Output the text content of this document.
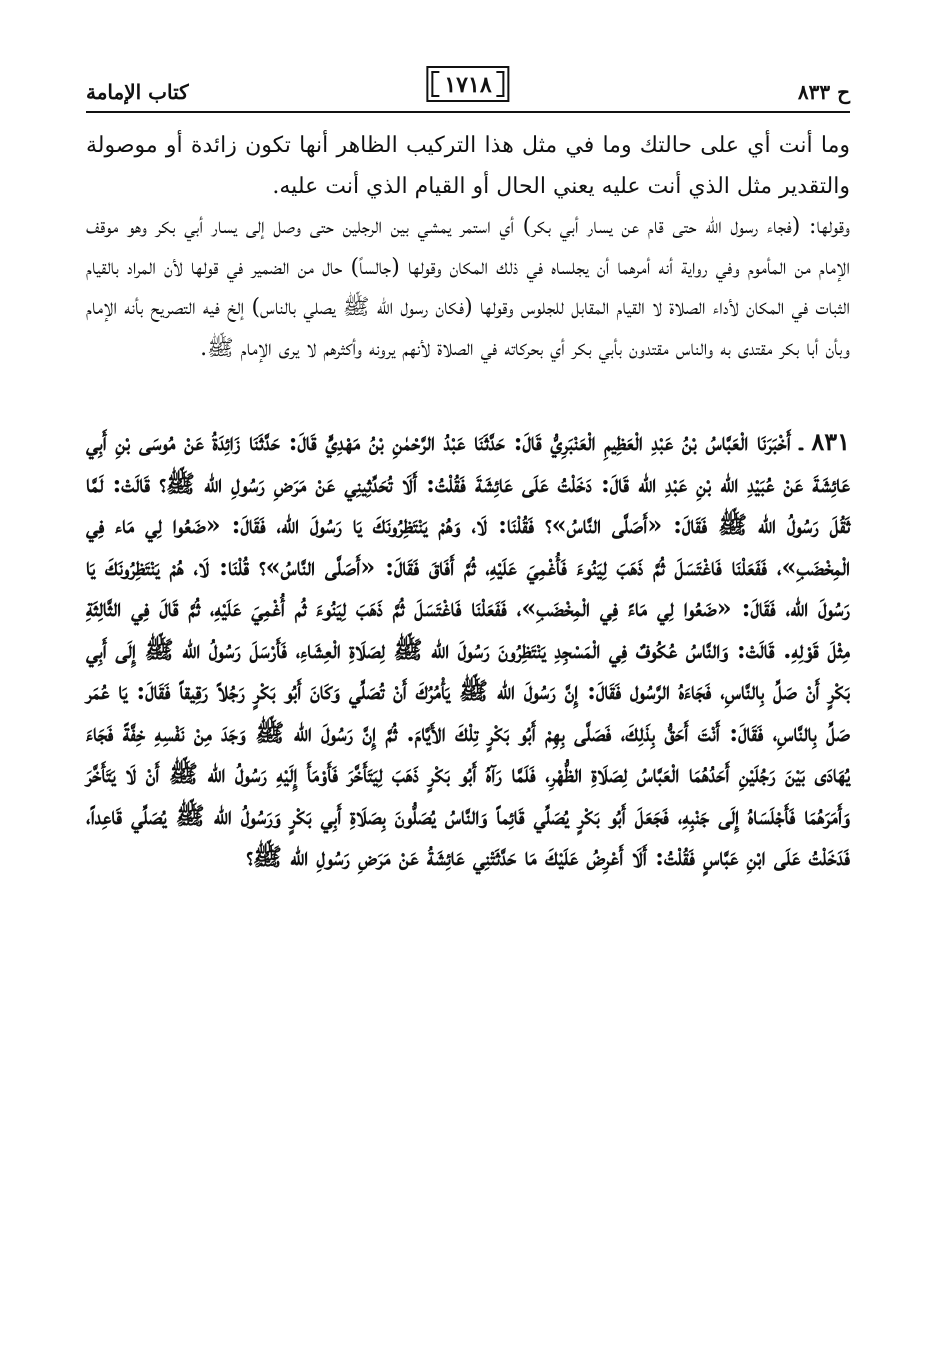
ح ٨٣٣
١٧١٨
كتاب الإمامة

وما أنت أي على حالتك وما في مثل هذا التركيب الظاهر أنها تكون زائدة أو موصولة والتقدير مثل الذي أنت عليه يعني الحال أو القيام الذي أنت عليه.

وقولها: (فجاء رسول الله حتى قام عن يسار أبي بكر) أي استمر يمشي بين الرجلين حتى وصل إلى يسار أبي بكر وهو موقف الإمام من المأموم وفي رواية أنه أمرهما أن يجلساه في ذلك المكان وقولها (جالساً) حال من الضمير في قولها لأن المراد بالقيام الثبات في المكان لأداء الصلاة لا القيام المقابل للجلوس وقولها (فكان رسول الله ﷺ يصلي بالناس) إلخ فيه التصريح بأنه الإمام وبأن أبا بكر مقتدى به والناس مقتدون بأبي بكر أي بحركاته في الصلاة لأنهم يرونه وأكثرهم لا يرى الإمام ﷺ.

٨٣١ ـ أَخْبَرَنَا الْعَبَّاسُ بْنُ عَبْدِ الْعَظِيمِ الْعَنْبَرِيُّ قَالَ: حَدَّثَنَا عَبْدُ الرَّحْمٰنِ بْنُ مَهْدِيٍّ قَالَ: حَدَّثَنَا زَائِدَةُ عَنْ مُوسَى بْنِ أَبِي عَائِشَةَ عَنْ عُبَيْدِ الله بْنِ عَبْدِ الله قَالَ: دَخَلْتُ عَلَى عَائِشَةَ فَقُلْتُ: أَلَا تُحَدِّثِينِي عَنْ مَرَضِ رَسُولِ الله ﷺ؟ قَالَتْ: لَمَّا ثَقُلَ رَسُولُ الله ﷺ فَقَالَ: «أَصَلَّى النَّاسُ»؟ فَقُلْنَا: لَا، وَهُمْ يَنْتَظِرُونَكَ يَا رَسُولَ الله، فَقَالَ: «ضَعُوا لِي مَاء فِي الْمِخْضَبِ»، فَفَعَلْنَا فَاغْتَسَلَ ثُمَّ ذَهَبَ لِيَنُوءَ فَأُغْمِيَ عَلَيْهِ، ثُمَّ أَفَاقَ فَقَالَ: «أَصَلَّى النَّاسُ»؟ قُلْنَا: لَا، هُمْ يَنْتَظِرُونَكَ يَا رَسُولَ الله، فَقَالَ: «ضَعُوا لِي مَاءً فِي الْمِخْضَبِ»، فَفَعَلْنَا فَاغْتَسَلَ ثُمَّ ذَهَبَ لِيَنُوءَ ثُم أُغْمِيَ عَلَيْهِ، ثُمَّ قَالَ فِي الثَّالِثَةِ مِثْلَ قَوْلِهِ. قَالَتْ: وَالنَّاسُ عُكُوفٌ فِي الْمَسْجِدِ يَنْتَظِرُونَ رَسُولَ الله ﷺ لِصَلَاةِ الْعِشَاءِ، فَأَرْسَلَ رَسُولُ الله ﷺ إِلَى أَبِي بَكْرٍ أَنْ صَلِّ بِالنَّاسِ، فَجَاءَهُ الرَّسُول فَقَالَ: إِنَّ رَسُولَ الله ﷺ يَأْمُرُكَ أَنْ تُصَلِّي وَكَانَ أَبُو بَكْرٍ رَجُلاً رَقِيقاً فَقَالَ: يَا عُمَر صَلِّ بِالنَّاسِ، فَقَالَ: أَنْتَ أَحَقُّ بِذَلِكَ، فَصَلَّى بِهِمْ أَبُو بَكْرٍ تِلْكَ الأَيَّامَ. ثُمَّ إِنَّ رَسُولَ الله ﷺ وَجَدَ مِنْ نَفْسِهِ خِفَّةً فَجَاءَ يُهَادَى بَيْنَ رَجُلَيْنِ أَحَدُهُمَا الْعَبَّاسُ لِصَلَاةِ الظُّهْرِ، فَلَمَّا رَآهُ أَبُو بَكْرٍ ذَهَبَ لِيَتَأَخَّرَ فَأَوْمَأَ إِلَيْهِ رَسُولُ الله ﷺ أَنْ لَا يَتَأَخَّرَ وَأَمَرَهُمَا فَأَجْلَسَاهُ إِلَى جَنْبِهِ، فَجَعَلَ أَبُو بَكْرٍ يُصَلِّي قَائِماً وَالنَّاسُ يُصَلُّونَ بِصَلَاةِ أَبِي بَكْرٍ وَرَسُولُ الله ﷺ يُصَلِّي قَاعِداً، فَدَخَلْتُ عَلَى ابْنِ عَبَّاسٍ فَقُلْتُ: أَلَا أَعْرِضُ عَلَيْكَ مَا حَدَّثَتْنِي عَائِشَةُ عَنْ مَرَضِ رَسُولِ الله ﷺ؟
